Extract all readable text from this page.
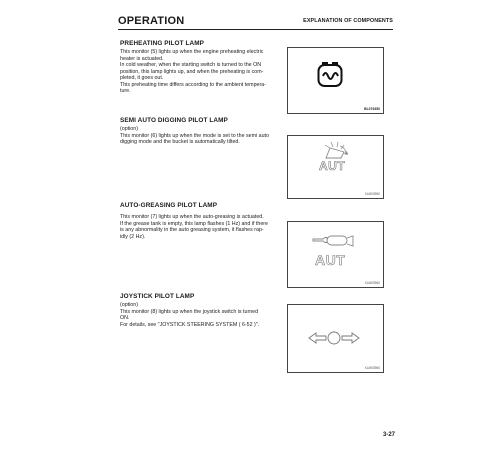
OPERATION	EXPLANATION OF COMPONENTS
PREHEATING PILOT LAMP

This monitor (5) lights up when the engine preheating electric

heater is actuated.

In cold weather, when the starting switch is turned to the ON

position, this lamp lights up, and when the preheating is com-

pleted, it goes out.

This preheating time differs according to the ambient tempera-

ture.

BL076350
SEMI AUTO DIGGING PILOT LAMP

(option)

This monitor (6) lights up when the mode is set to the semi auto

digging mode and the bucket is automatically tilted.

AUT
XLM03950
AUTO-GREASING PILOT LAMP

This monitor (7) lights up when the auto-greasing is actuated.

If the grease tank is empty, this lamp flashes (1 Hz) and if there

is any abnormality in the auto greasing system, it flashes rap-

idly (2 Hz).

AUT
XLM03960
JOYSTICK PILOT LAMP

(option)

This monitor (8) lights up when the joystick switch is turned

ON.

For details, see "JOYSTICK STEERING SYSTEM ( 6-52 )".

XLM03960
3-27
